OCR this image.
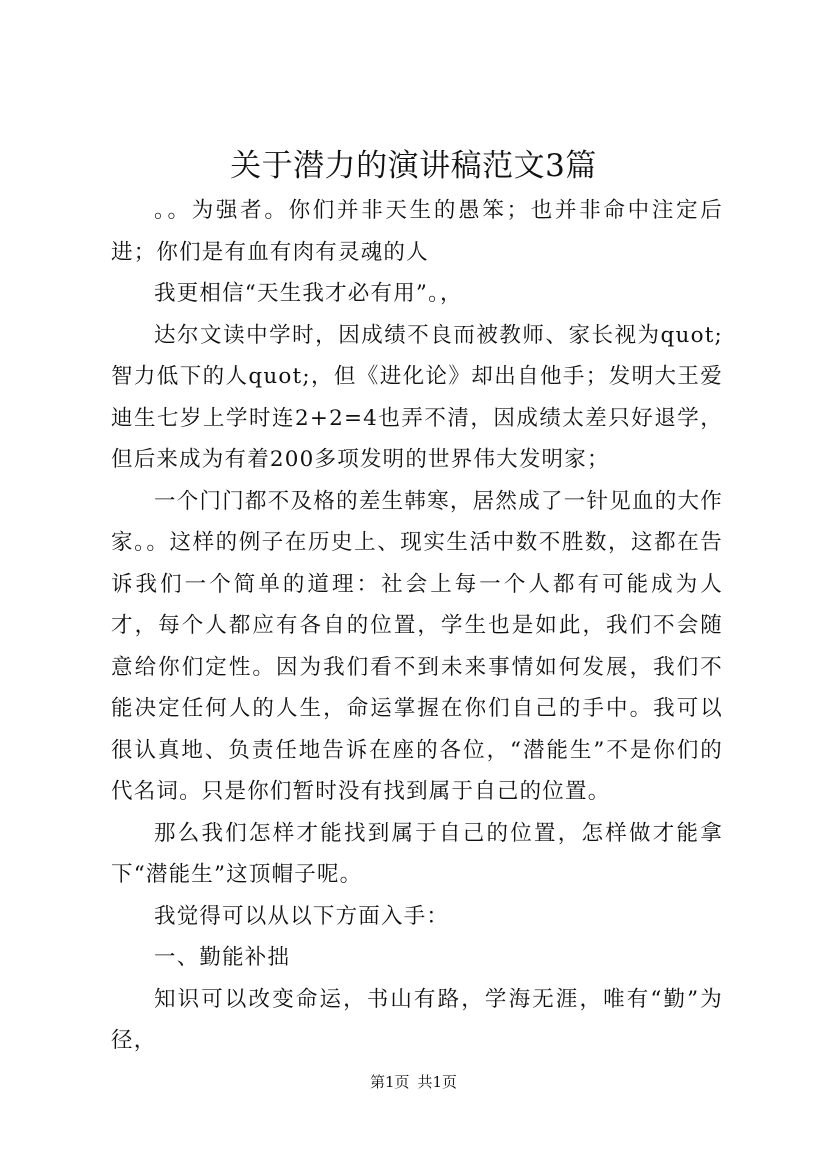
关于潜力的演讲稿范文3篇

。。为强者。你们并非天生的愚笨；也并非命中注定后进；你们是有血有肉有灵魂的人

我更相信“天生我才必有用”。，

达尔文读中学时，因成绩不良而被教师、家长视为quot;智力低下的人quot;，但《进化论》却出自他手；发明大王爱迪生七岁上学时连2+2=4也弄不清，因成绩太差只好退学，但后来成为有着200多项发明的世界伟大发明家；

一个门门都不及格的差生韩寒，居然成了一针见血的大作家。。这样的例子在历史上、现实生活中数不胜数，这都在告诉我们一个简单的道理：社会上每一个人都有可能成为人才，每个人都应有各自的位置，学生也是如此，我们不会随意给你们定性。因为我们看不到未来事情如何发展，我们不能决定任何人的人生，命运掌握在你们自己的手中。我可以很认真地、负责任地告诉在座的各位，“潜能生”不是你们的代名词。只是你们暂时没有找到属于自己的位置。

那么我们怎样才能找到属于自己的位置，怎样做才能拿下“潜能生”这顶帽子呢。

我觉得可以从以下方面入手：

一、勤能补拙

知识可以改变命运，书山有路，学海无涯，唯有“勤”为径，

第1页 共1页
